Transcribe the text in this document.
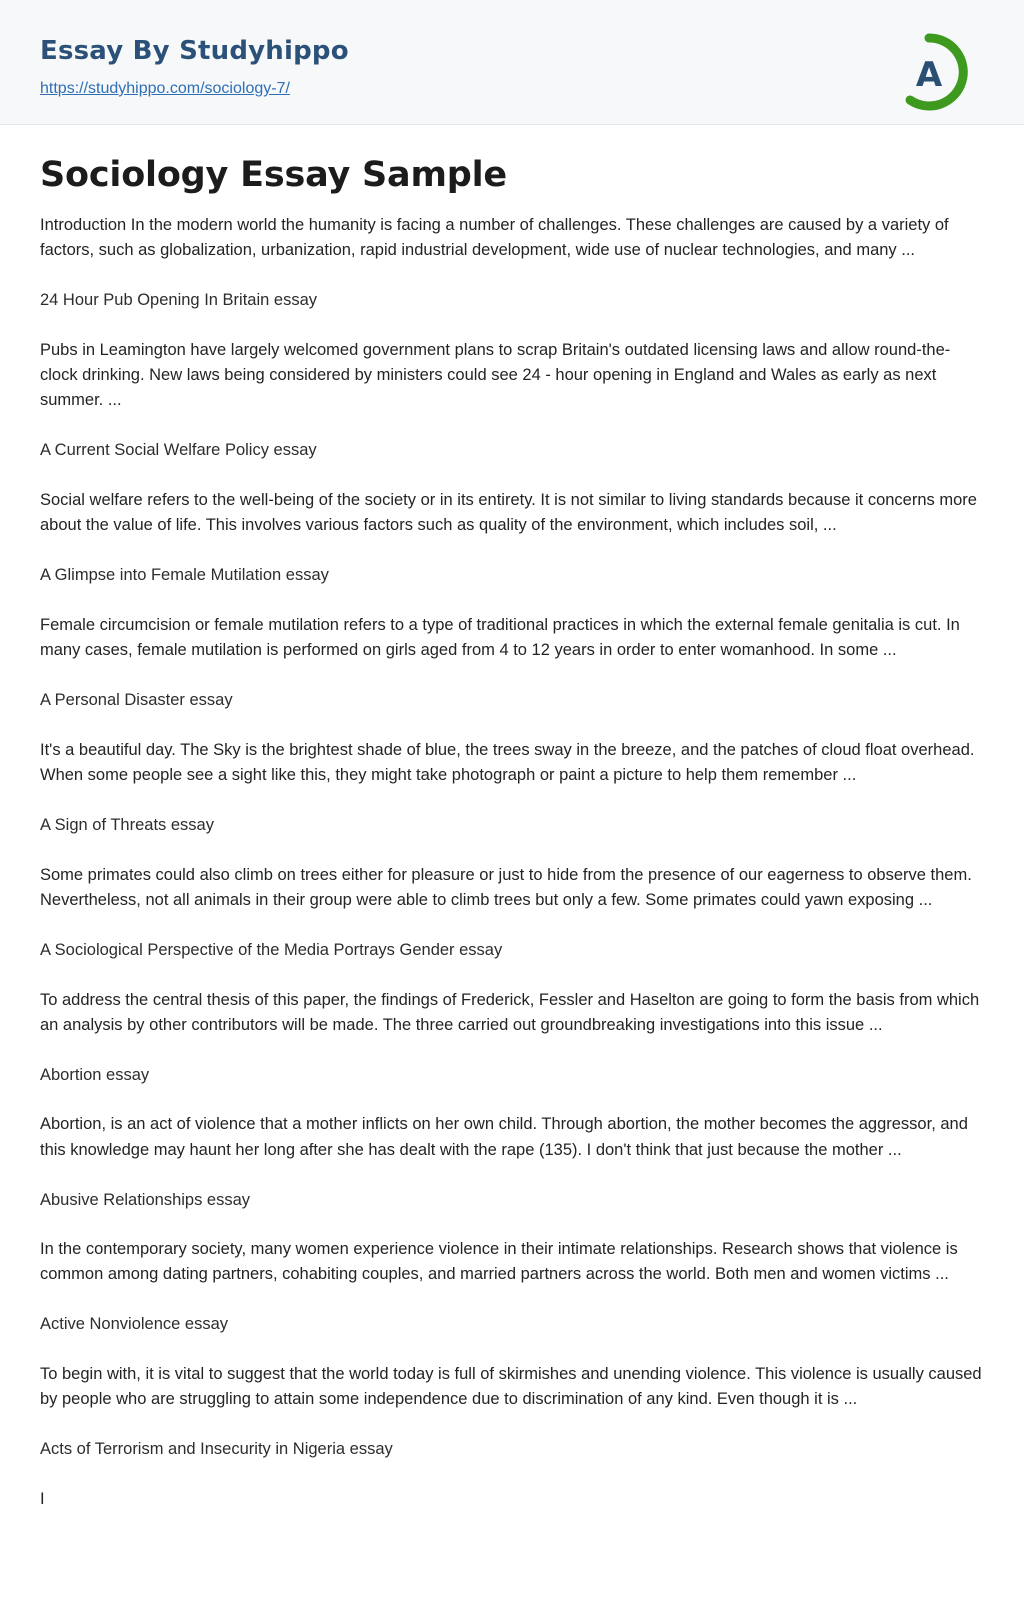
Essay By Studyhippo
https://studyhippo.com/sociology-7/	A
Sociology Essay Sample

Introduction In the modern world the humanity is facing a number of challenges. These challenges are caused by a variety of factors, such as globalization, urbanization, rapid industrial development, wide use of nuclear technologies, and many ...

24 Hour Pub Opening In Britain essay

Pubs in Leamington have largely welcomed government plans to scrap Britain's outdated licensing laws and allow round-the-clock drinking. New laws being considered by ministers could see 24 - hour opening in England and Wales as early as next summer. ...

A Current Social Welfare Policy essay

Social welfare refers to the well-being of the society or in its entirety. It is not similar to living standards because it concerns more about the value of life. This involves various factors such as quality of the environment, which includes soil, ...

A Glimpse into Female Mutilation essay

Female circumcision or female mutilation refers to a type of traditional practices in which the external female genitalia is cut. In many cases, female mutilation is performed on girls aged from 4 to 12 years in order to enter womanhood. In some ...

A Personal Disaster essay

It's a beautiful day. The Sky is the brightest shade of blue, the trees sway in the breeze, and the patches of cloud float overhead. When some people see a sight like this, they might take photograph or paint a picture to help them remember ...

A Sign of Threats essay

Some primates could also climb on trees either for pleasure or just to hide from the presence of our eagerness to observe them. Nevertheless, not all animals in their group were able to climb trees but only a few. Some primates could yawn exposing ...

A Sociological Perspective of the Media Portrays Gender essay

To address the central thesis of this paper, the findings of Frederick, Fessler and Haselton are going to form the basis from which an analysis by other contributors will be made. The three carried out groundbreaking investigations into this issue ...

Abortion essay

Abortion, is an act of violence that a mother inflicts on her own child. Through abortion, the mother becomes the aggressor, and this knowledge may haunt her long after she has dealt with the rape (135). I don't think that just because the mother ...

Abusive Relationships essay

In the contemporary society, many women experience violence in their intimate relationships. Research shows that violence is common among dating partners, cohabiting couples, and married partners across the world. Both men and women victims ...

Active Nonviolence essay

To begin with, it is vital to suggest that the world today is full of skirmishes and unending violence. This violence is usually caused by people who are struggling to attain some independence due to discrimination of any kind. Even though it is ...

Acts of Terrorism and Insecurity in Nigeria essay

I
